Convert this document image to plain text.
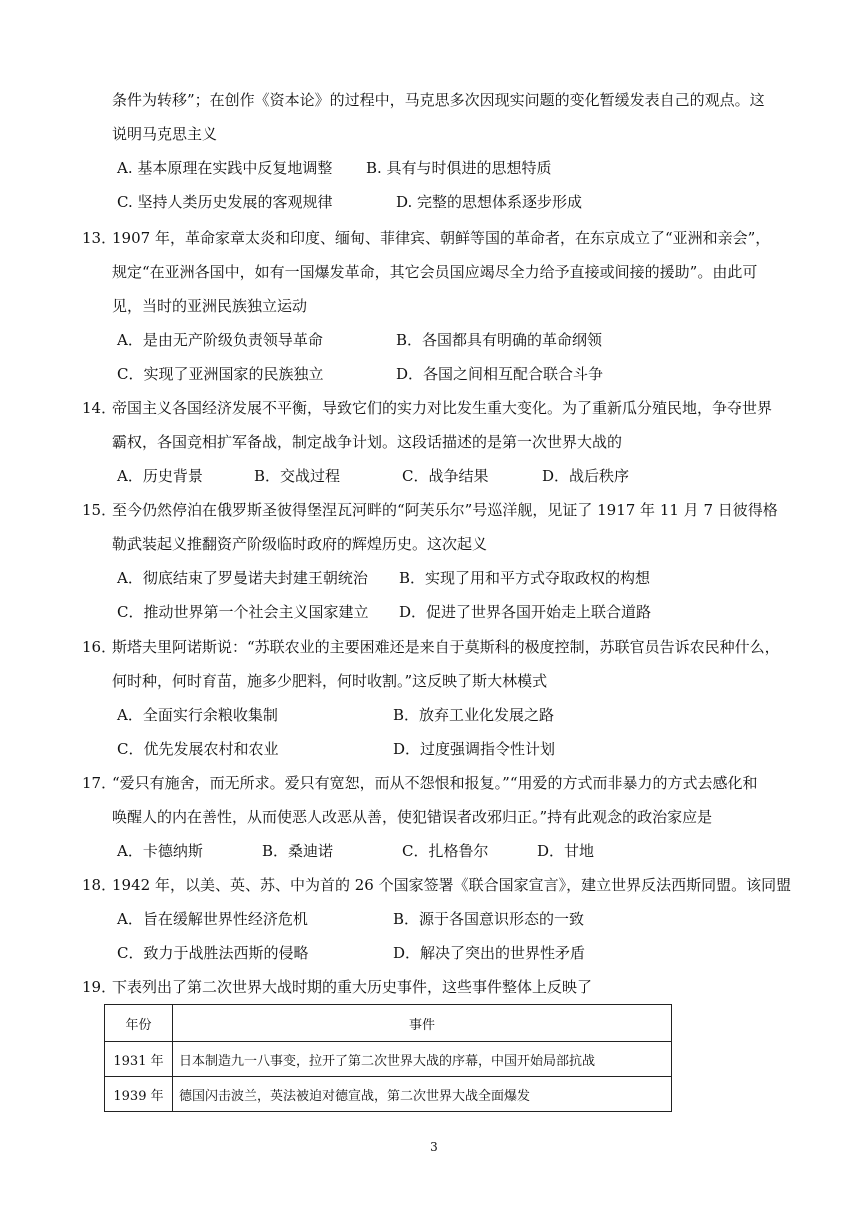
条件为转移”；在创作《资本论》的过程中，马克思多次因现实问题的变化暂缓发表自己的观点。这
说明马克思主义
A. 基本原理在实践中反复地调整 B. 具有与时俱进的思想特质
C. 坚持人类历史发展的客观规律	D. 完整的思想体系逐步形成
13．
1907 年，革命家章太炎和印度、缅甸、菲律宾、朝鲜等国的革命者，在东京成立了“亚洲和亲会”，
规定“在亚洲各国中，如有一国爆发革命，其它会员国应竭尽全力给予直接或间接的援助”。由此可
见，当时的亚洲民族独立运动
A．是由无产阶级负责领导革命	B．各国都具有明确的革命纲领
C．实现了亚洲国家的民族独立	D．各国之间相互配合联合斗争
14．
帝国主义各国经济发展不平衡，导致它们的实力对比发生重大变化。为了重新瓜分殖民地，争夺世界
霸权，各国竞相扩军备战，制定战争计划。这段话描述的是第一次世界大战的
A．历史背景	B．交战过程	C．战争结果	D．战后秩序
15．
至今仍然停泊在俄罗斯圣彼得堡涅瓦河畔的“阿芙乐尔”号巡洋舰，见证了 1917 年 11 月 7 日彼得格
勒武装起义推翻资产阶级临时政府的辉煌历史。这次起义
A．彻底结束了罗曼诺夫封建王朝统治 B．实现了用和平方式夺取政权的构想
C．推动世界第一个社会主义国家建立 D．促进了世界各国开始走上联合道路
16．
斯塔夫里阿诺斯说：“苏联农业的主要困难还是来自于莫斯科的极度控制，苏联官员告诉农民种什么，
何时种，何时育苗，施多少肥料，何时收割。”这反映了斯大林模式
A．全面实行余粮收集制	B．放弃工业化发展之路
C．优先发展农村和农业	D．过度强调指令性计划
17．
“爱只有施舍，而无所求。爱只有宽恕，而从不怨恨和报复。”“用爱的方式而非暴力的方式去感化和
唤醒人的内在善性，从而使恶人改恶从善，使犯错误者改邪归正。”持有此观念的政治家应是
A．卡德纳斯	B．桑迪诺	C．扎格鲁尔	D．甘地
18．
1942 年，以美、英、苏、中为首的 26 个国家签署《联合国家宣言》，建立世界反法西斯同盟。该同盟
A．旨在缓解世界性经济危机	B．源于各国意识形态的一致
C．致力于战胜法西斯的侵略	D．解决了突出的世界性矛盾
19．
下表列出了第二次世界大战时期的重大历史事件，这些事件整体上反映了
年份	事件
1931 年	日本制造九一八事变，拉开了第二次世界大战的序幕，中国开始局部抗战
1939 年	德国闪击波兰，英法被迫对德宣战，第二次世界大战全面爆发
3
